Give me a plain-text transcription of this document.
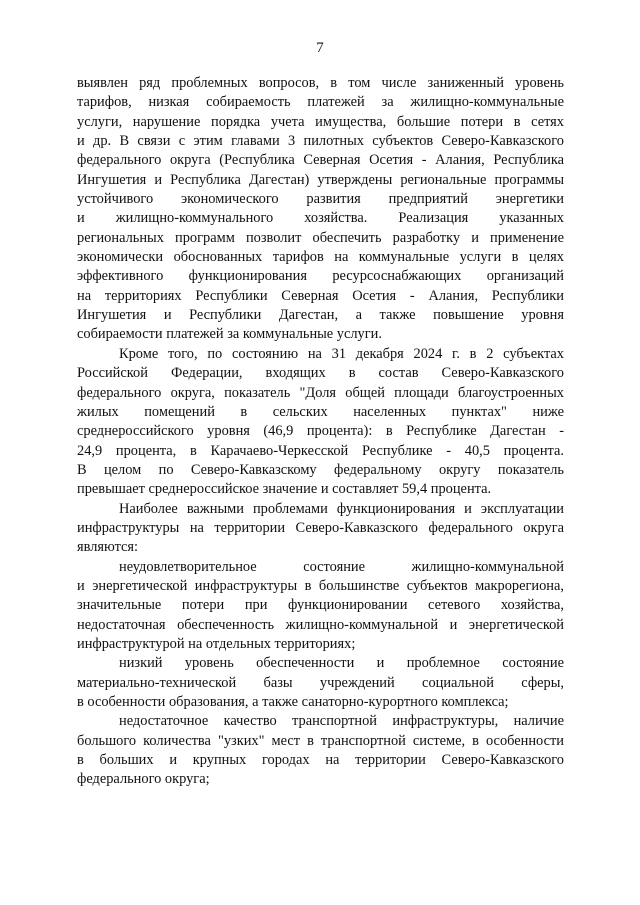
7
выявлен ряд проблемных вопросов, в том числе заниженный уровень
тарифов, низкая собираемость платежей за жилищно-коммунальные
услуги, нарушение порядка учета имущества, большие потери в сетях
и др. В связи с этим главами 3 пилотных субъектов Северо-Кавказского
федерального округа (Республика Северная Осетия - Алания, Республика
Ингушетия и Республика Дагестан) утверждены региональные программы
устойчивого экономического развития предприятий энергетики
и жилищно-коммунального хозяйства. Реализация указанных
региональных программ позволит обеспечить разработку и применение
экономически обоснованных тарифов на коммунальные услуги в целях
эффективного функционирования ресурсоснабжающих организаций
на территориях Республики Северная Осетия - Алания, Республики
Ингушетия и Республики Дагестан, а также повышение уровня
собираемости платежей за коммунальные услуги.
Кроме того, по состоянию на 31 декабря 2024 г. в 2 субъектах
Российской Федерации, входящих в состав Северо-Кавказского
федерального округа, показатель "Доля общей площади благоустроенных
жилых помещений в сельских населенных пунктах" ниже
среднероссийского уровня (46,9 процента): в Республике Дагестан -
24,9 процента, в Карачаево-Черкесской Республике - 40,5 процента.
В целом по Северо-Кавказскому федеральному округу показатель
превышает среднероссийское значение и составляет 59,4 процента.
Наиболее важными проблемами функционирования и эксплуатации
инфраструктуры на территории Северо-Кавказского федерального округа
являются:
неудовлетворительное состояние жилищно-коммунальной
и энергетической инфраструктуры в большинстве субъектов макрорегиона,
значительные потери при функционировании сетевого хозяйства,
недостаточная обеспеченность жилищно-коммунальной и энергетической
инфраструктурой на отдельных территориях;
низкий уровень обеспеченности и проблемное состояние
материально-технической базы учреждений социальной сферы,
в особенности образования, а также санаторно-курортного комплекса;
недостаточное качество транспортной инфраструктуры, наличие
большого количества "узких" мест в транспортной системе, в особенности
в больших и крупных городах на территории Северо-Кавказского
федерального округа;
